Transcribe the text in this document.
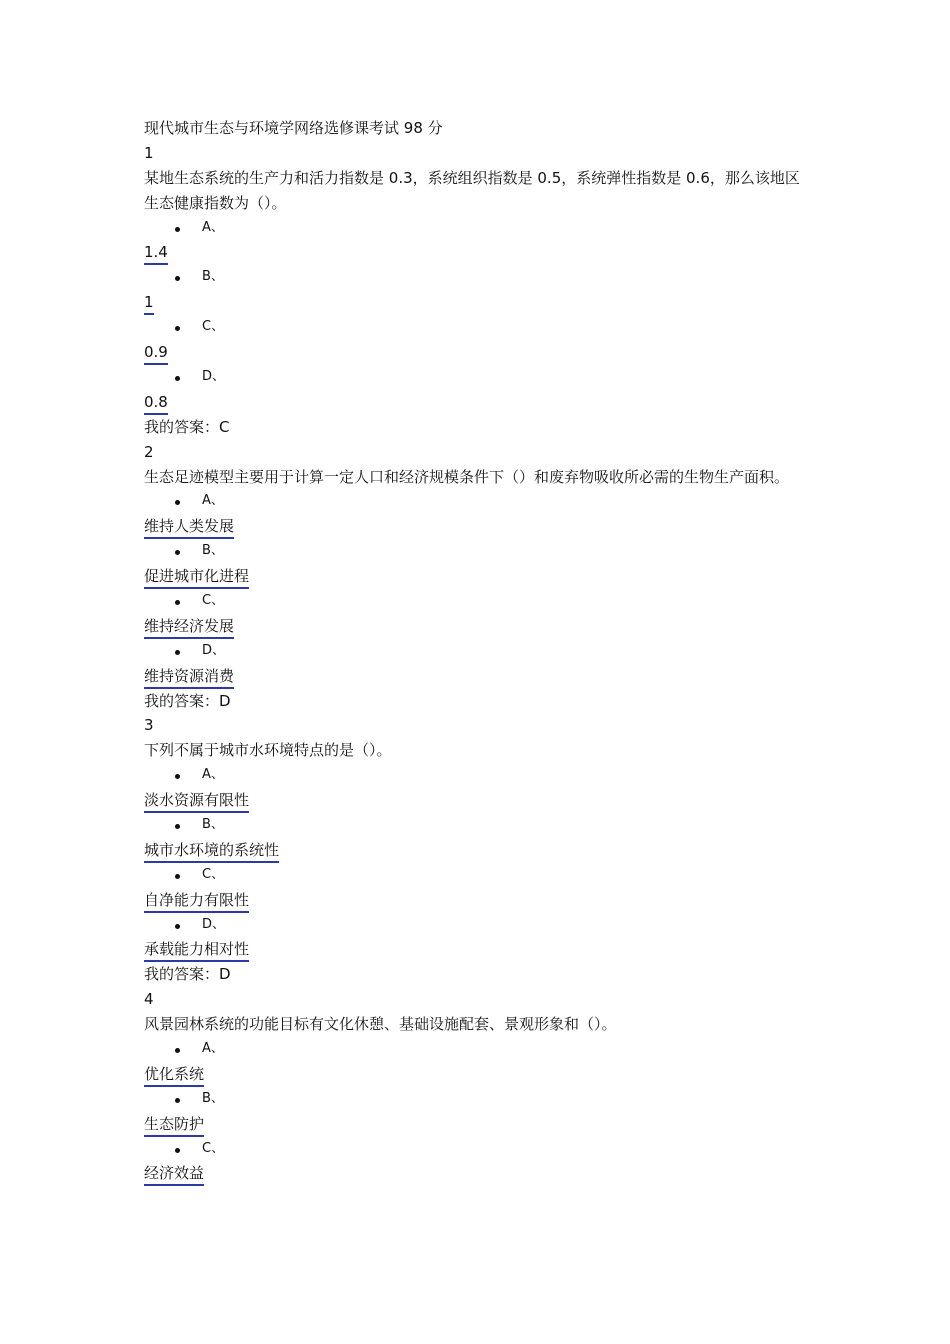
现代城市生态与环境学网络选修课考试 98 分
1
某地生态系统的生产力和活力指数是 0.3，系统组织指数是 0.5，系统弹性指数是 0.6，那么该地区生态健康指数为（）。
A、
1.4
B、
1
C、
0.9
D、
0.8
我的答案：C
2
生态足迹模型主要用于计算一定人口和经济规模条件下（）和废弃物吸收所必需的生物生产面积。
A、
维持人类发展
B、
促进城市化进程
C、
维持经济发展
D、
维持资源消费
我的答案：D
3
下列不属于城市水环境特点的是（）。
A、
淡水资源有限性
B、
城市水环境的系统性
C、
自净能力有限性
D、
承载能力相对性
我的答案：D
4
风景园林系统的功能目标有文化休憩、基础设施配套、景观形象和（）。
A、
优化系统
B、
生态防护
C、
经济效益
